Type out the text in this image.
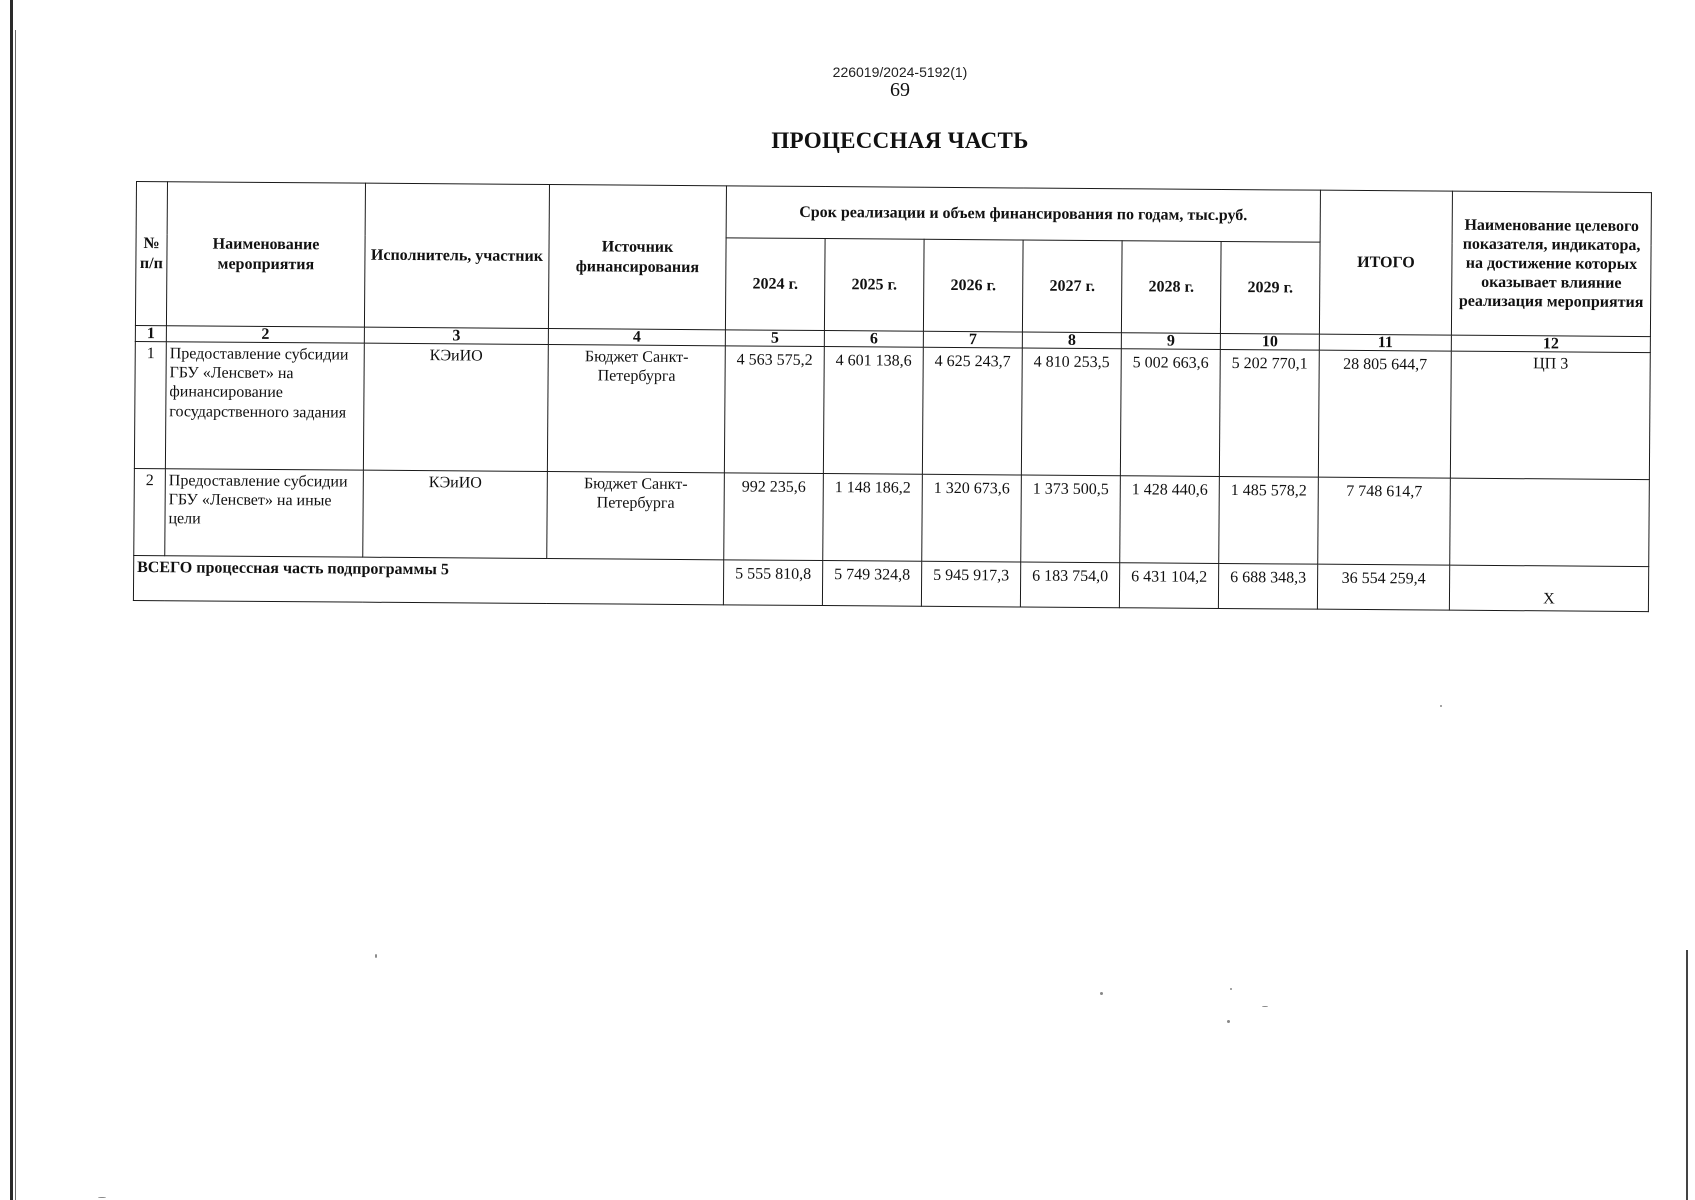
226019/2024-5192(1)
69
ПРОЦЕССНАЯ ЧАСТЬ
№ п/п	Наименование мероприятия	Исполнитель, участник	Источник финансирования	Срок реализации и объем финансирования по годам, тыс.руб.						ИТОГО	Наименование целевого показателя, индикатора, на достижение которых оказывает влияние реализация мероприятия
				2024 г.	2025 г.	2026 г.	2027 г.	2028 г.	2029 г.		
1	2	3	4	5	6	7	8	9	10	11	12
1	Предоставление субсидии ГБУ «Ленсвет» на финансирование государственного задания	КЭиИО	Бюджет Санкт-Петербурга	4 563 575,2	4 601 138,6	4 625 243,7	4 810 253,5	5 002 663,6	5 202 770,1	28 805 644,7	ЦП 3
2	Предоставление субсидии ГБУ «Ленсвет» на иные цели	КЭиИО	Бюджет Санкт-Петербурга	992 235,6	1 148 186,2	1 320 673,6	1 373 500,5	1 428 440,6	1 485 578,2	7 748 614,7	
ВСЕГО процессная часть подпрограммы 5				5 555 810,8	5 749 324,8	5 945 917,3	6 183 754,0	6 431 104,2	6 688 348,3	36 554 259,4	X
